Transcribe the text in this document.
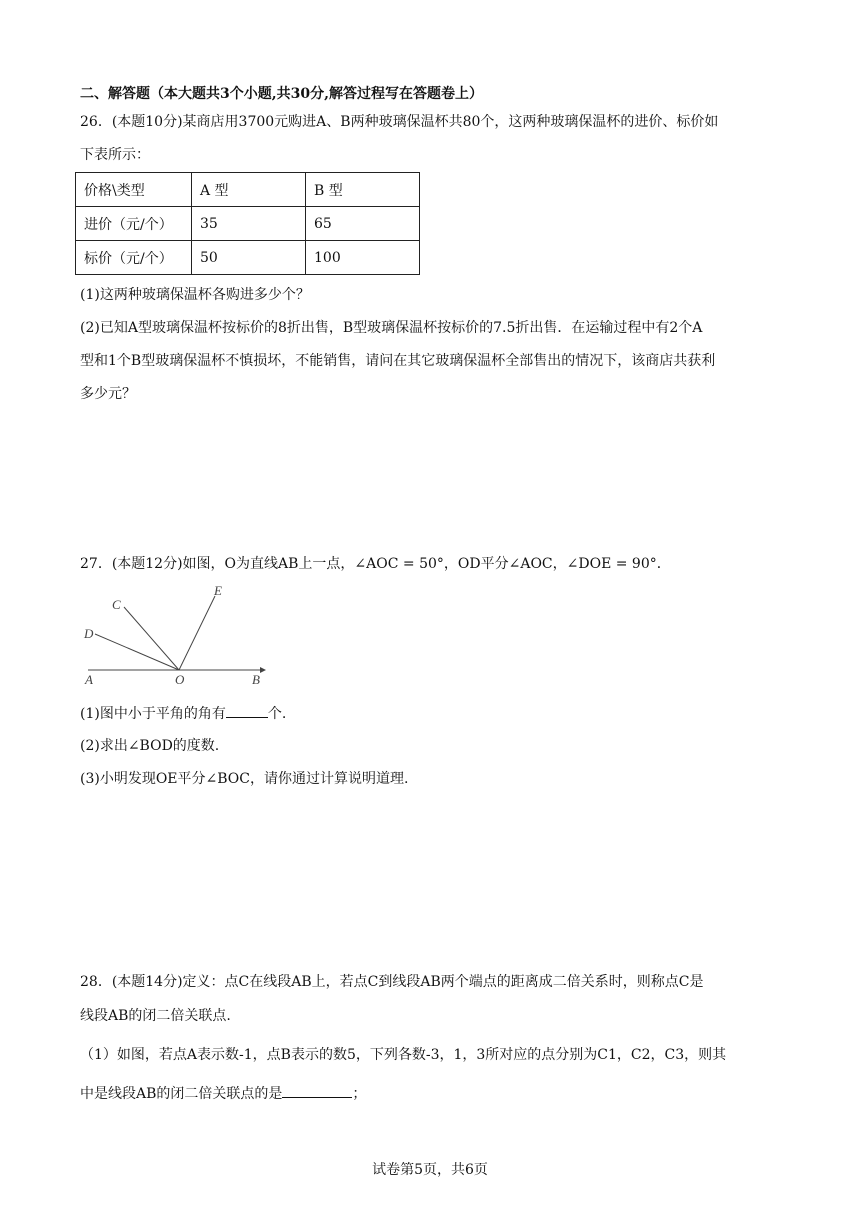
二、解答题（本大题共3个小题,共30分,解答过程写在答题卷上）
26．(本题10分)某商店用3700元购进A、B两种玻璃保温杯共80个，这两种玻璃保温杯的进价、标价如
下表所示：
价格\类型	A 型	B 型
进价（元/个）	35	65
标价（元/个）	50	100
(1)这两种玻璃保温杯各购进多少个？
(2)已知A型玻璃保温杯按标价的8折出售，B型玻璃保温杯按标价的7.5折出售．在运输过程中有2个A
型和1个B型玻璃保温杯不慎损坏，不能销售，请问在其它玻璃保温杯全部售出的情况下，该商店共获利
多少元？
27．(本题12分)如图，O为直线AB上一点，∠AOC = 50°，OD平分∠AOC，∠DOE = 90°．
A	O	B
C
D
E
(1)图中小于平角的角有	个.
(2)求出∠BOD的度数.
(3)小明发现OE平分∠BOC，请你通过计算说明道理.
28．(本题14分)定义：点C在线段AB上，若点C到线段AB两个端点的距离成二倍关系时，则称点C是
线段AB的闭二倍关联点.
（1）如图，若点A表示数-1，点B表示的数5，下列各数-3，1，3所对应的点分别为C1，C2，C3，则其
中是线段AB的闭二倍关联点的是	；
试卷第5页，共6页
